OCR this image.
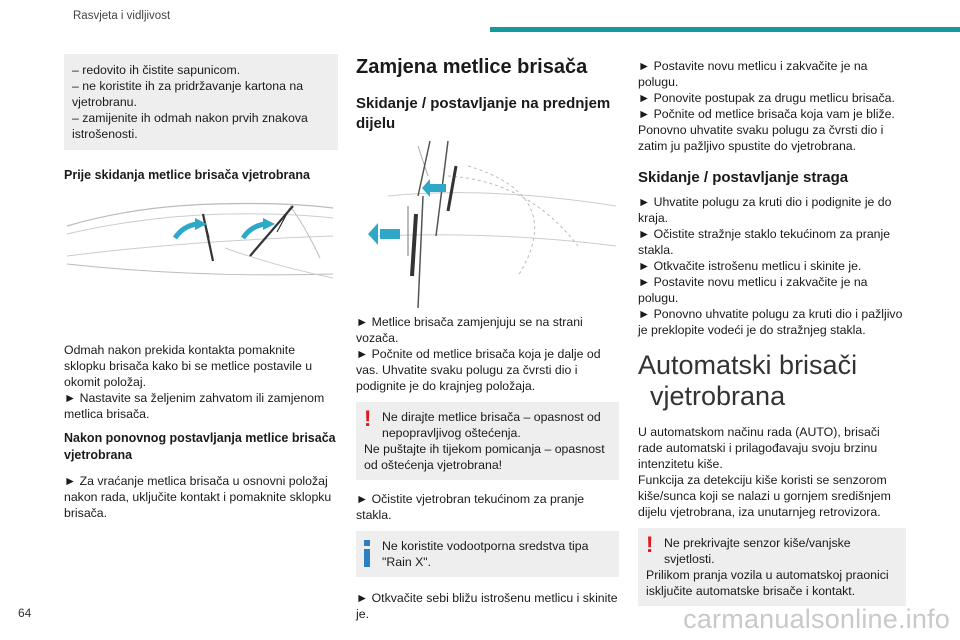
Rasvjeta i vidljivost

– redovito ih čistite sapunicom.

– ne koristite ih za pridržavanje kartona na vjetrobranu.

– zamijenite ih odmah nakon prvih znakova istrošenosti.

Prije skidanja metlice brisača vjetrobrana

Odmah nakon prekida kontakta pomaknite sklopku brisača kako bi se metlice postavile u okomit položaj.

► Nastavite sa željenim zahvatom ili zamjenom metlica brisača.

Nakon ponovnog postavljanja metlice brisača vjetrobrana

► Za vraćanje metlica brisača u osnovni položaj nakon rada, uključite kontakt i pomaknite sklopku brisača.

Zamjena metlice brisača

Skidanje / postavljanje na prednjem dijelu

► Metlice brisača zamjenjuju se na strani vozača.

► Počnite od metlice brisača koja je dalje od vas. Uhvatite svaku polugu za čvrsti dio i podignite je do krajnjeg položaja.

! Ne dirajte metlice brisača – opasnost od nepopravljivog oštećenja.

Ne puštajte ih tijekom pomicanja – opasnost od oštećenja vjetrobrana!

► Očistite vjetrobran tekućinom za pranje stakla.

Ne koristite vodootporna sredstva tipa "Rain X".

► Otkvačite sebi bližu istrošenu metlicu i skinite je.

► Postavite novu metlicu i zakvačite je na polugu.

► Ponovite postupak za drugu metlicu brisača.

► Počnite od metlice brisača koja vam je bliže.

Ponovno uhvatite svaku polugu za čvrsti dio i zatim ju pažljivo spustite do vjetrobrana.

Skidanje / postavljanje straga

► Uhvatite polugu za kruti dio i podignite je do kraja.

► Očistite stražnje staklo tekućinom za pranje stakla.

► Otkvačite istrošenu metlicu i skinite je.

► Postavite novu metlicu i zakvačite je na polugu.

► Ponovno uhvatite polugu za kruti dio i pažljivo je preklopite vodeći je do stražnjeg stakla.

Automatski brisači
vjetrobrana

U automatskom načinu rada (AUTO), brisači rade automatski i prilagođavaju svoju brzinu intenzitetu kiše.

Funkcija za detekciju kiše koristi se senzorom kiše/sunca koji se nalazi u gornjem središnjem dijelu vjetrobrana, iza unutarnjeg retrovizora.

! Ne prekrivajte senzor kiše/vanjske svjetlosti.

Prilikom pranja vozila u automatskoj praonici isključite automatske brisače i kontakt.

64	carmanualsonline.info
